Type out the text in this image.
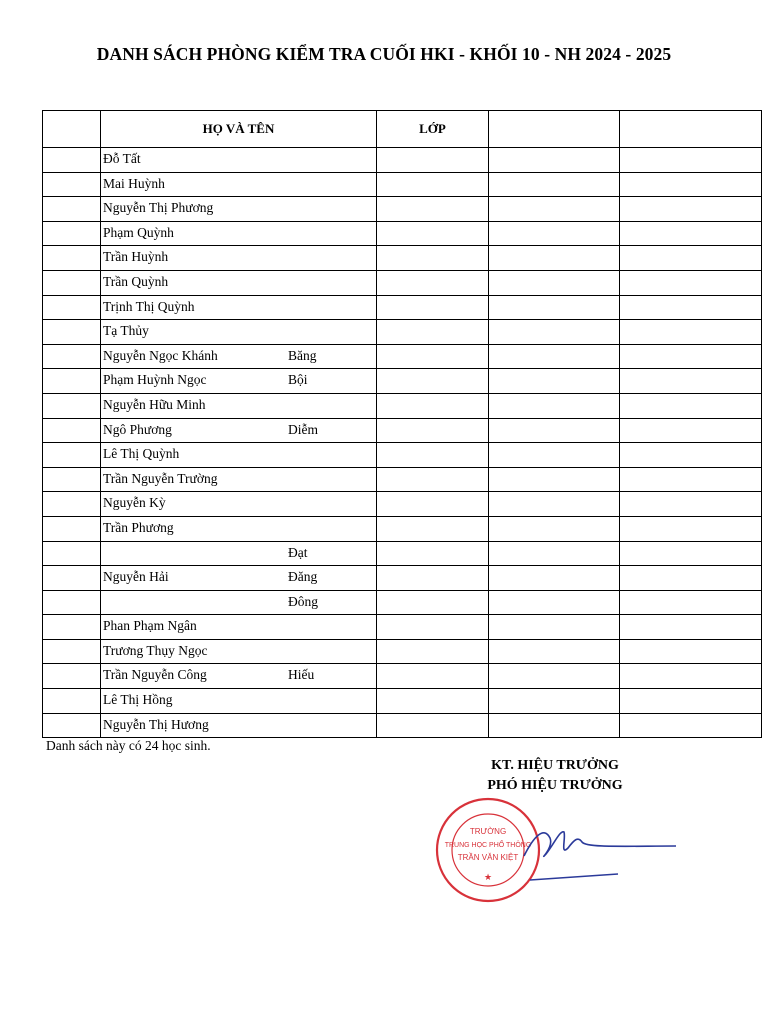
DANH SÁCH PHÒNG KIỂM TRA CUỐI HKI - KHỐI 10 - NH 2024 - 2025
	HỌ VÀ TÊN	LỚP		

	Đỗ Tất			

	Mai Huỳnh			

	Nguyễn Thị Phương			

	Phạm Quỳnh			

	Trần Huỳnh			

	Trần Quỳnh			

	Trịnh Thị Quỳnh			

	Tạ Thủy			

	Nguyễn Ngọc Khánh Băng			

	Phạm Huỳnh Ngọc Bội			

	Nguyễn Hữu Minh			

	Ngô Phương Diễm			

	Lê Thị Quỳnh			

	Trần Nguyễn Trường			

	Nguyễn Kỳ			

	Trần Phương			

	Đạt			

	Nguyễn Hải Đăng			

	Đông			

	Phan Phạm Ngân			

	Trương Thụy Ngọc			

	Trần Nguyễn Công Hiếu			

	Lê Thị Hồng			

	Nguyễn Thị Hương			

Danh sách này có 24 học sinh.
KT. HIỆU TRƯỞNG
PHÓ HIỆU TRƯỞNG
TRƯỜNG
TRUNG HỌC PHỔ THÔNG
TRẦN VĂN KIỆT
★
